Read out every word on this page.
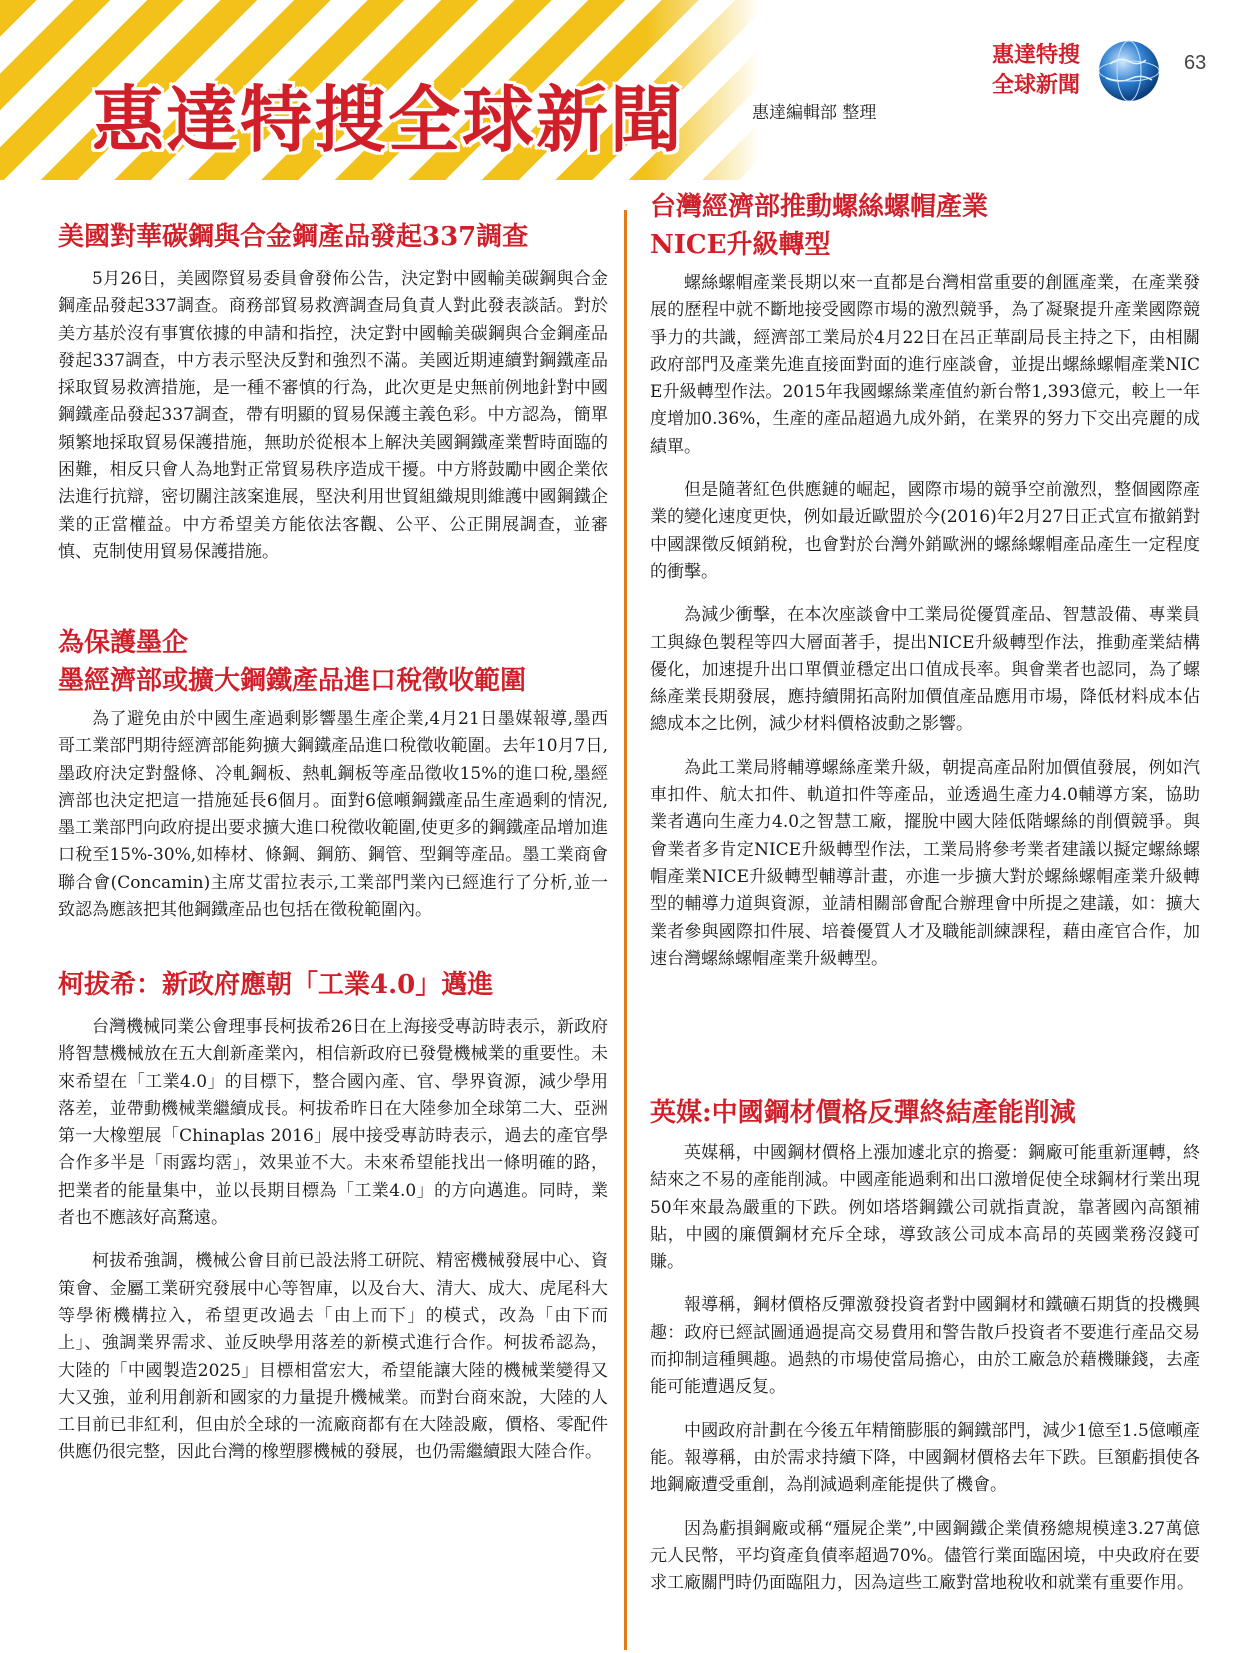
惠達特搜全球新聞	惠達編輯部 整理
惠達特搜
全球新聞
63
美國對華碳鋼與合金鋼產品發起337調查

5月26日，美國際貿易委員會發佈公告，決定對中國輸美碳鋼與合金鋼產品發起337調查。商務部貿易救濟調查局負責人對此發表談話。對於美方基於沒有事實依據的申請和指控，決定對中國輸美碳鋼與合金鋼產品發起337調查，中方表示堅決反對和強烈不滿。美國近期連續對鋼鐵產品採取貿易救濟措施，是一種不審慎的行為，此次更是史無前例地針對中國鋼鐵產品發起337調查，帶有明顯的貿易保護主義色彩。中方認為，簡單頻繁地採取貿易保護措施，無助於從根本上解決美國鋼鐵產業暫時面臨的困難，相反只會人為地對正常貿易秩序造成干擾。中方將鼓勵中國企業依法進行抗辯，密切關注該案進展，堅決利用世貿組織規則維護中國鋼鐵企業的正當權益。中方希望美方能依法客觀、公平、公正開展調查，並審慎、克制使用貿易保護措施。

為保護墨企
墨經濟部或擴大鋼鐵產品進口稅徵收範圍

為了避免由於中國生產過剩影響墨生產企業,4月21日墨媒報導,墨西哥工業部門期待經濟部能夠擴大鋼鐵產品進口稅徵收範圍。去年10月7日,墨政府決定對盤條、冷軋鋼板、熱軋鋼板等產品徵收15%的進口稅,墨經濟部也決定把這一措施延長6個月。面對6億噸鋼鐵產品生產過剩的情況,墨工業部門向政府提出要求擴大進口稅徵收範圍,使更多的鋼鐵產品增加進口稅至15%-30%,如棒材、條鋼、鋼筋、鋼管、型鋼等產品。墨工業商會聯合會(Concamin)主席艾雷拉表示,工業部門業內已經進行了分析,並一致認為應該把其他鋼鐵產品也包括在徵稅範圍內。

柯拔希：新政府應朝「工業4.0」邁進

台灣機械同業公會理事長柯拔希26日在上海接受專訪時表示，新政府將智慧機械放在五大創新產業內，相信新政府已發覺機械業的重要性。未來希望在「工業4.0」的目標下，整合國內產、官、學界資源，減少學用落差，並帶動機械業繼續成長。柯拔希昨日在大陸參加全球第二大、亞洲第一大橡塑展「Chinaplas 2016」展中接受專訪時表示，過去的產官學合作多半是「雨露均霑」，效果並不大。未來希望能找出一條明確的路，把業者的能量集中，並以長期目標為「工業4.0」的方向邁進。同時，業者也不應該好高騖遠。

柯拔希強調，機械公會目前已設法將工研院、精密機械發展中心、資策會、金屬工業研究發展中心等智庫，以及台大、清大、成大、虎尾科大等學術機構拉入，希望更改過去「由上而下」的模式，改為「由下而上」、強調業界需求、並反映學用落差的新模式進行合作。柯拔希認為，大陸的「中國製造2025」目標相當宏大，希望能讓大陸的機械業變得又大又強，並利用創新和國家的力量提升機械業。而對台商來說，大陸的人工目前已非紅利，但由於全球的一流廠商都有在大陸設廠，價格、零配件供應仍很完整，因此台灣的橡塑膠機械的發展，也仍需繼續跟大陸合作。

台灣經濟部推動螺絲螺帽產業
NICE升級轉型

螺絲螺帽產業長期以來一直都是台灣相當重要的創匯產業，在產業發展的歷程中就不斷地接受國際市場的激烈競爭，為了凝聚提升產業國際競爭力的共識，經濟部工業局於4月22日在呂正華副局長主持之下，由相關政府部門及產業先進直接面對面的進行座談會，並提出螺絲螺帽產業NICE升級轉型作法。2015年我國螺絲業產值約新台幣1,393億元，較上一年度增加0.36%，生產的產品超過九成外銷，在業界的努力下交出亮麗的成績單。

但是隨著紅色供應鏈的崛起，國際市場的競爭空前激烈，整個國際產業的變化速度更快，例如最近歐盟於今(2016)年2月27日正式宣布撤銷對中國課徵反傾銷稅，也會對於台灣外銷歐洲的螺絲螺帽產品產生一定程度的衝擊。

為減少衝擊，在本次座談會中工業局從優質產品、智慧設備、專業員工與綠色製程等四大層面著手，提出NICE升級轉型作法，推動產業結構優化，加速提升出口單價並穩定出口值成長率。與會業者也認同，為了螺絲產業長期發展，應持續開拓高附加價值產品應用市場，降低材料成本佔總成本之比例，減少材料價格波動之影響。

為此工業局將輔導螺絲產業升級，朝提高產品附加價值發展，例如汽車扣件、航太扣件、軌道扣件等產品，並透過生產力4.0輔導方案，協助業者邁向生產力4.0之智慧工廠，擺脫中國大陸低階螺絲的削價競爭。與會業者多肯定NICE升級轉型作法，工業局將參考業者建議以擬定螺絲螺帽產業NICE升級轉型輔導計畫，亦進一步擴大對於螺絲螺帽產業升級轉型的輔導力道與資源，並請相關部會配合辦理會中所提之建議，如：擴大業者參與國際扣件展、培養優質人才及職能訓練課程，藉由產官合作，加速台灣螺絲螺帽產業升級轉型。

英媒:中國鋼材價格反彈終結產能削減

英媒稱，中國鋼材價格上漲加遽北京的擔憂：鋼廠可能重新運轉，終結來之不易的產能削減。中國產能過剩和出口激增促使全球鋼材行業出現50年來最為嚴重的下跌。例如塔塔鋼鐵公司就指責說，靠著國內高額補貼，中國的廉價鋼材充斥全球，導致該公司成本高昂的英國業務沒錢可賺。

報導稱，鋼材價格反彈激發投資者對中國鋼材和鐵礦石期貨的投機興趣：政府已經試圖通過提高交易費用和警告散戶投資者不要進行產品交易而抑制這種興趣。過熱的市場使當局擔心，由於工廠急於藉機賺錢，去產能可能遭遇反复。

中國政府計劃在今後五年精簡膨脹的鋼鐵部門，減少1億至1.5億噸產能。報導稱，由於需求持續下降，中國鋼材價格去年下跌。巨額虧損使各地鋼廠遭受重創，為削減過剩產能提供了機會。

因為虧損鋼廠或稱“殭屍企業”,中國鋼鐵企業債務總規模達3.27萬億元人民幣，平均資產負債率超過70%。儘管行業面臨困境，中央政府在要求工廠關門時仍面臨阻力，因為這些工廠對當地稅收和就業有重要作用。
